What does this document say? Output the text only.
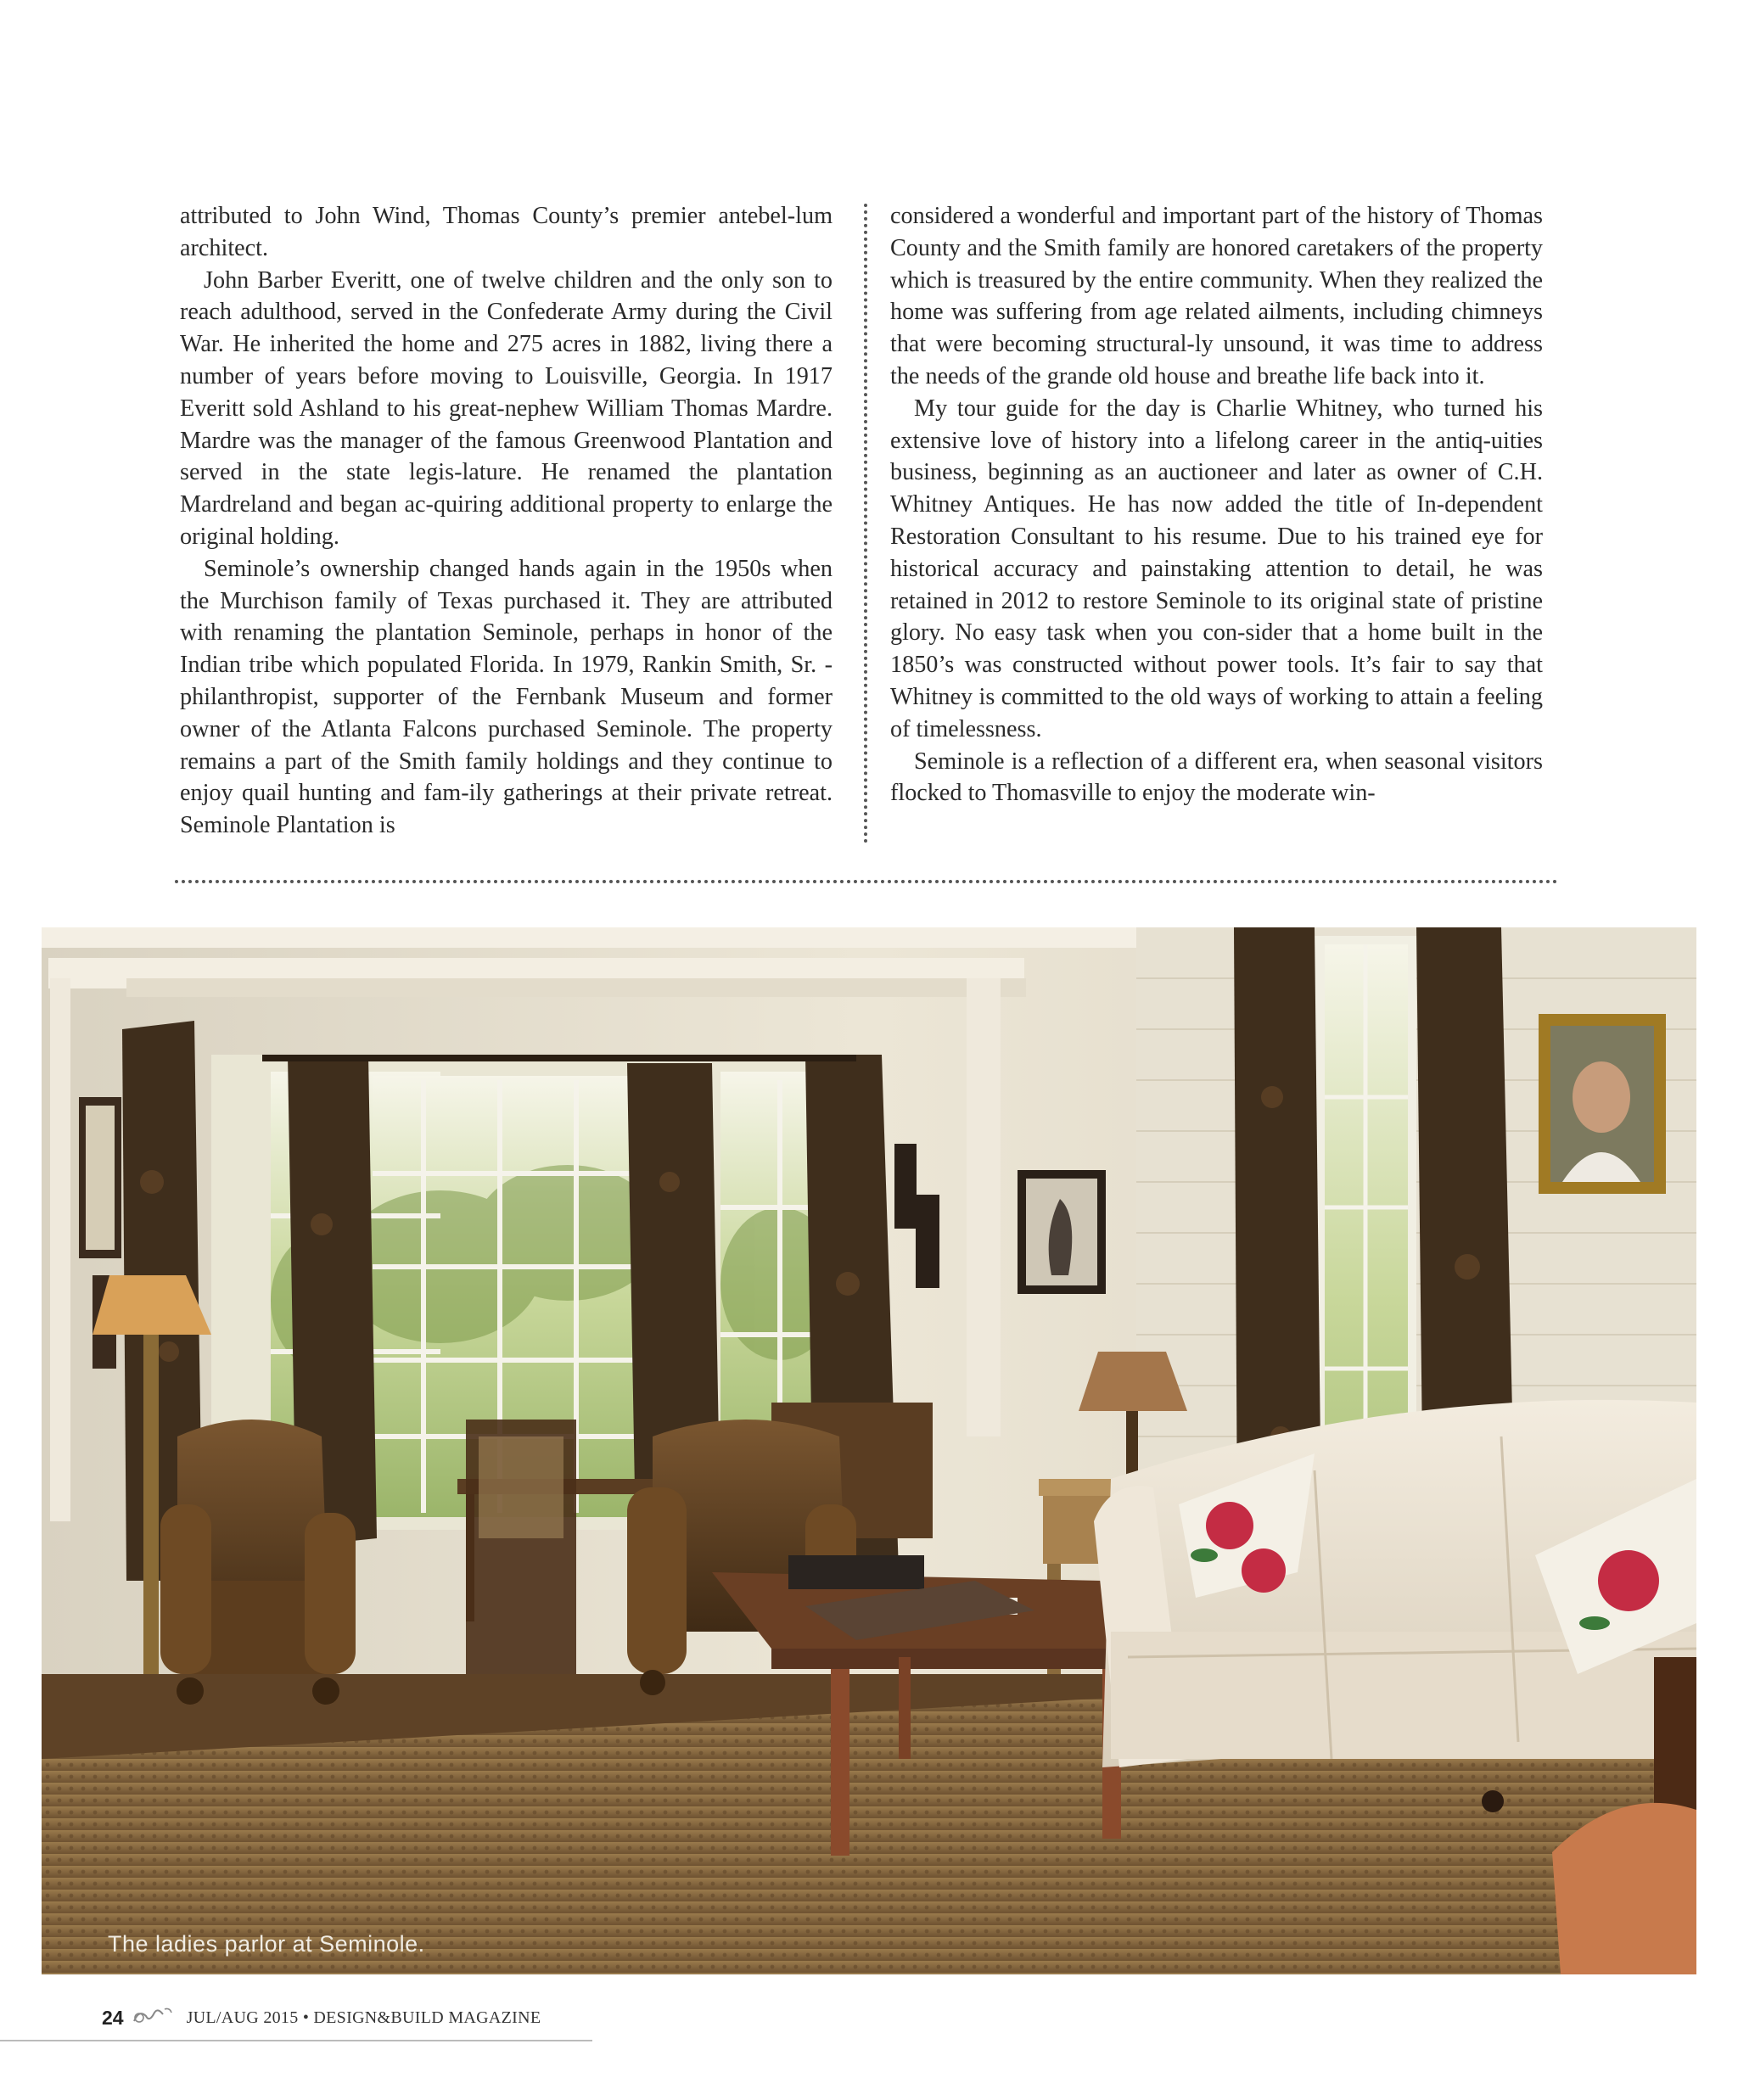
attributed to John Wind, Thomas County’s premier antebel-lum architect.

John Barber Everitt, one of twelve children and the only son to reach adulthood, served in the Confederate Army during the Civil War. He inherited the home and 275 acres in 1882, living there a number of years before moving to Louisville, Georgia. In 1917 Everitt sold Ashland to his great-nephew William Thomas Mardre. Mardre was the manager of the famous Greenwood Plantation and served in the state legis-lature. He renamed the plantation Mardreland and began ac-quiring additional property to enlarge the original holding.

Seminole’s ownership changed hands again in the 1950s when the Murchison family of Texas purchased it. They are attributed with renaming the plantation Seminole, perhaps in honor of the Indian tribe which populated Florida. In 1979, Rankin Smith, Sr. - philanthropist, supporter of the Fernbank Museum and former owner of the Atlanta Falcons purchased Seminole. The property remains a part of the Smith family holdings and they continue to enjoy quail hunting and fam-ily gatherings at their private retreat. Seminole Plantation is

considered a wonderful and important part of the history of Thomas County and the Smith family are honored caretakers of the property which is treasured by the entire community. When they realized the home was suffering from age related ailments, including chimneys that were becoming structural-ly unsound, it was time to address the needs of the grande old house and breathe life back into it.

My tour guide for the day is Charlie Whitney, who turned his extensive love of history into a lifelong career in the antiq-uities business, beginning as an auctioneer and later as owner of C.H. Whitney Antiques. He has now added the title of In-dependent Restoration Consultant to his resume. Due to his trained eye for historical accuracy and painstaking attention to detail, he was retained in 2012 to restore Seminole to its original state of pristine glory. No easy task when you con-sider that a home built in the 1850’s was constructed without power tools. It’s fair to say that Whitney is committed to the old ways of working to attain a feeling of timelessness.

Seminole is a reflection of a different era, when seasonal visitors flocked to Thomasville to enjoy the moderate win-

The ladies parlor at Seminole.
24	JUL/AUG 2015 • DESIGN&BUILD MAGAZINE
